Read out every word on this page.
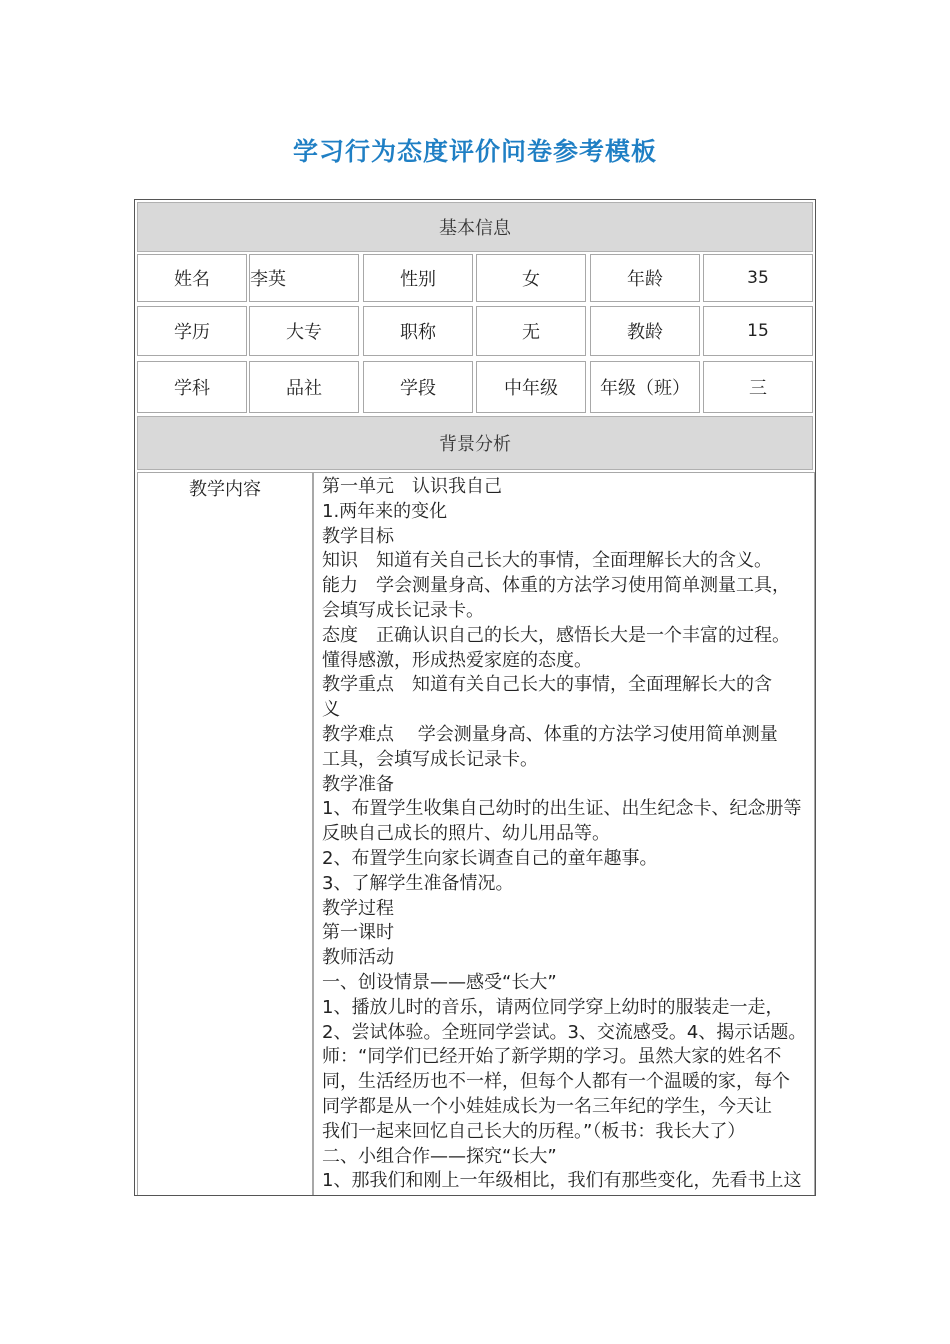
学习行为态度评价问卷参考模板
基本信息
姓名	李英	性别	女	年龄	35
学历	大专	职称	无	教龄	15
学科	品社	学段	中年级	年级（班）	三
背景分析
教学内容	第一单元　认识我自己
1.两年来的变化
教学目标
知识　知道有关自己长大的事情，全面理解长大的含义。
能力　学会测量身高、体重的方法学习使用简单测量工具，
会填写成长记录卡。
态度　正确认识自己的长大，感悟长大是一个丰富的过程。
懂得感激，形成热爱家庭的态度。
教学重点　知道有关自己长大的事情，全面理解长大的含
义
教学难点　 学会测量身高、体重的方法学习使用简单测量
工具，会填写成长记录卡。
教学准备
1、布置学生收集自己幼时的出生证、出生纪念卡、纪念册等
反映自己成长的照片、幼儿用品等。
2、布置学生向家长调查自己的童年趣事。
3、了解学生准备情况。
教学过程
第一课时
教师活动
一、创设情景——感受“长大”
1、播放儿时的音乐，请两位同学穿上幼时的服装走一走，
2、尝试体验。全班同学尝试。3、交流感受。4、揭示话题。
师：“同学们已经开始了新学期的学习。虽然大家的姓名不
同，生活经历也不一样，但每个人都有一个温暖的家，每个
同学都是从一个小娃娃成长为一名三年纪的学生，今天让
我们一起来回忆自己长大的历程。”（板书：我长大了）
二、小组合作——探究“长大”
1、那我们和刚上一年级相比，我们有那些变化，先看书上这
